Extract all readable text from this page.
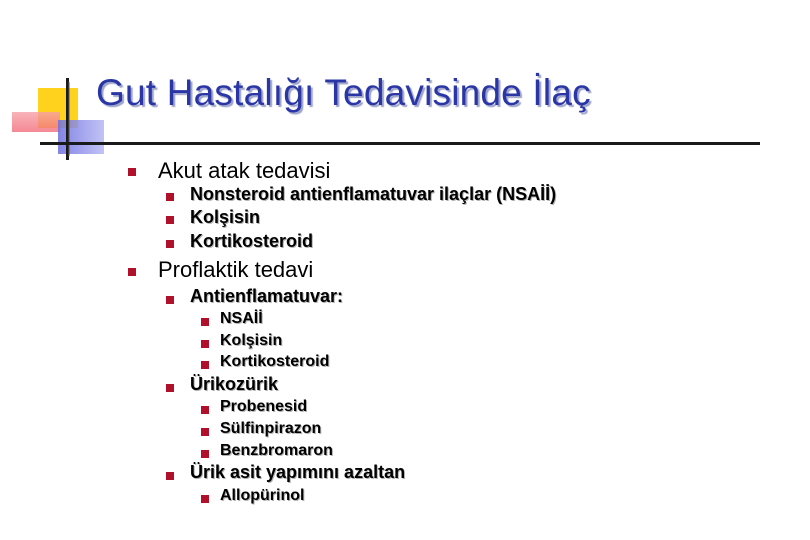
Gut Hastalığı Tedavisinde İlaç
Akut atak tedavisi
Nonsteroid antienflamatuvar ilaçlar (NSAİİ)
Kolşisin
Kortikosteroid
Proflaktik tedavi
Antienflamatuvar:
NSAİİ
Kolşisin
Kortikosteroid
Ürikozürik
Probenesid
Sülfinpirazon
Benzbromaron
Ürik asit yapımını azaltan
Allopürinol
